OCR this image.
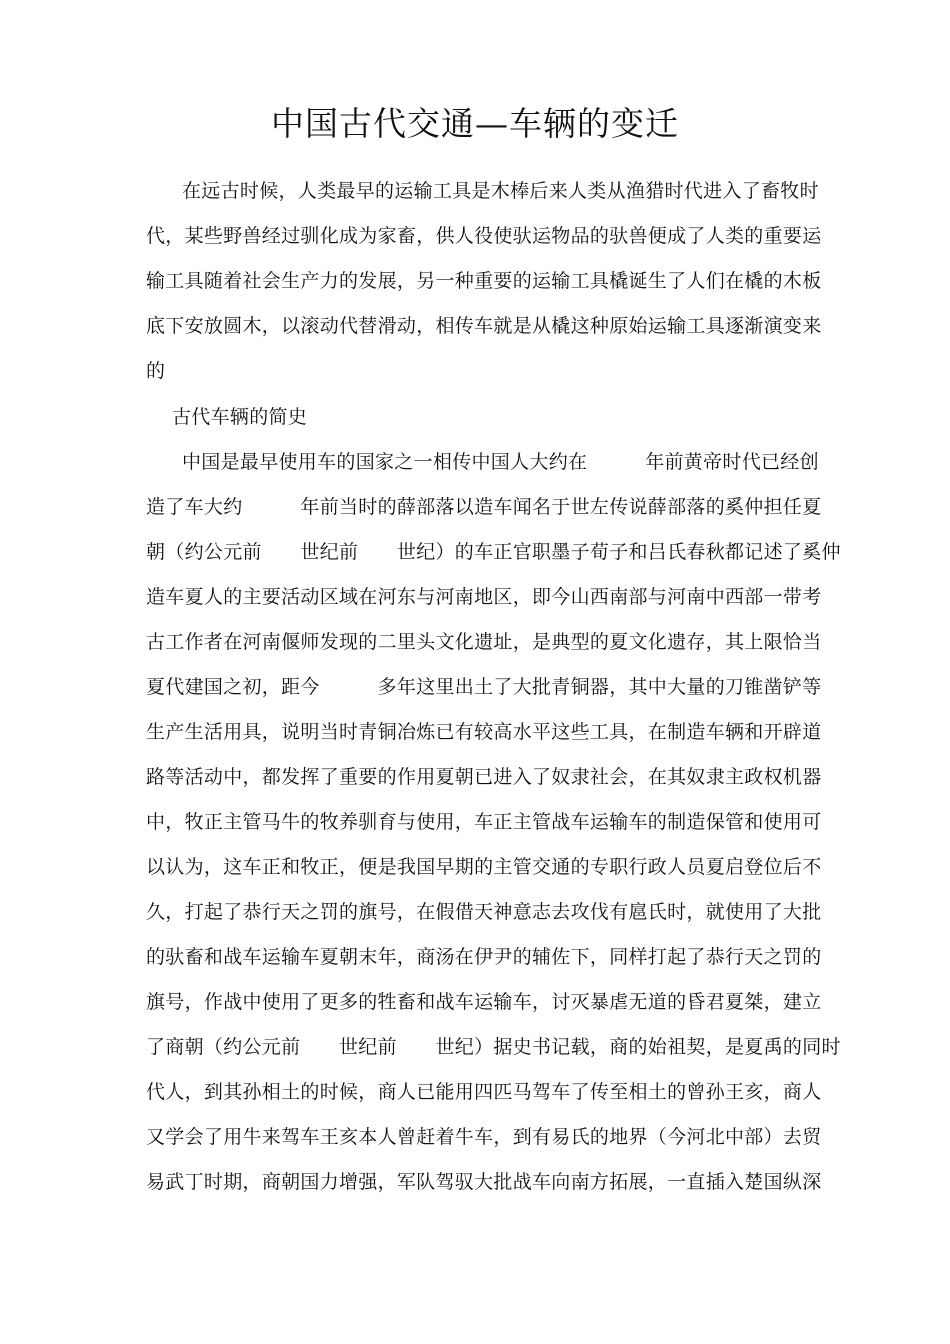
中国古代交通—车辆的变迁
在远古时候，人类最早的运输工具是木棒后来人类从渔猎时代进入了畜牧时
代，某些野兽经过驯化成为家畜，供人役使驮运物品的驮兽便成了人类的重要运
输工具随着社会生产力的发展，另一种重要的运输工具橇诞生了人们在橇的木板
底下安放圆木，以滚动代替滑动，相传车就是从橇这种原始运输工具逐渐演变来
的
古代车辆的简史
中国是最早使用车的国家之一相传中国人大约在　　　年前黄帝时代已经创
造了车大约　　　年前当时的薛部落以造车闻名于世左传说薛部落的奚仲担任夏
朝（约公元前　　世纪前　　世纪）的车正官职墨子荀子和吕氏春秋都记述了奚仲
造车夏人的主要活动区域在河东与河南地区，即今山西南部与河南中西部一带考
古工作者在河南偃师发现的二里头文化遗址，是典型的夏文化遗存，其上限恰当
夏代建国之初，距今　　　多年这里出土了大批青铜器，其中大量的刀锥凿铲等
生产生活用具，说明当时青铜冶炼已有较高水平这些工具，在制造车辆和开辟道
路等活动中，都发挥了重要的作用夏朝已进入了奴隶社会，在其奴隶主政权机器
中，牧正主管马牛的牧养驯育与使用，车正主管战车运输车的制造保管和使用可
以认为，这车正和牧正，便是我国早期的主管交通的专职行政人员夏启登位后不
久，打起了恭行天之罚的旗号，在假借天神意志去攻伐有扈氏时，就使用了大批
的驮畜和战车运输车夏朝末年，商汤在伊尹的辅佐下，同样打起了恭行天之罚的
旗号，作战中使用了更多的牲畜和战车运输车，讨灭暴虐无道的昏君夏桀，建立
了商朝（约公元前　　世纪前　　世纪）据史书记载，商的始祖契，是夏禹的同时
代人，到其孙相土的时候，商人已能用四匹马驾车了传至相土的曾孙王亥，商人
又学会了用牛来驾车王亥本人曾赶着牛车，到有易氏的地界（今河北中部）去贸
易武丁时期，商朝国力增强，军队驾驭大批战车向南方拓展，一直插入楚国纵深
